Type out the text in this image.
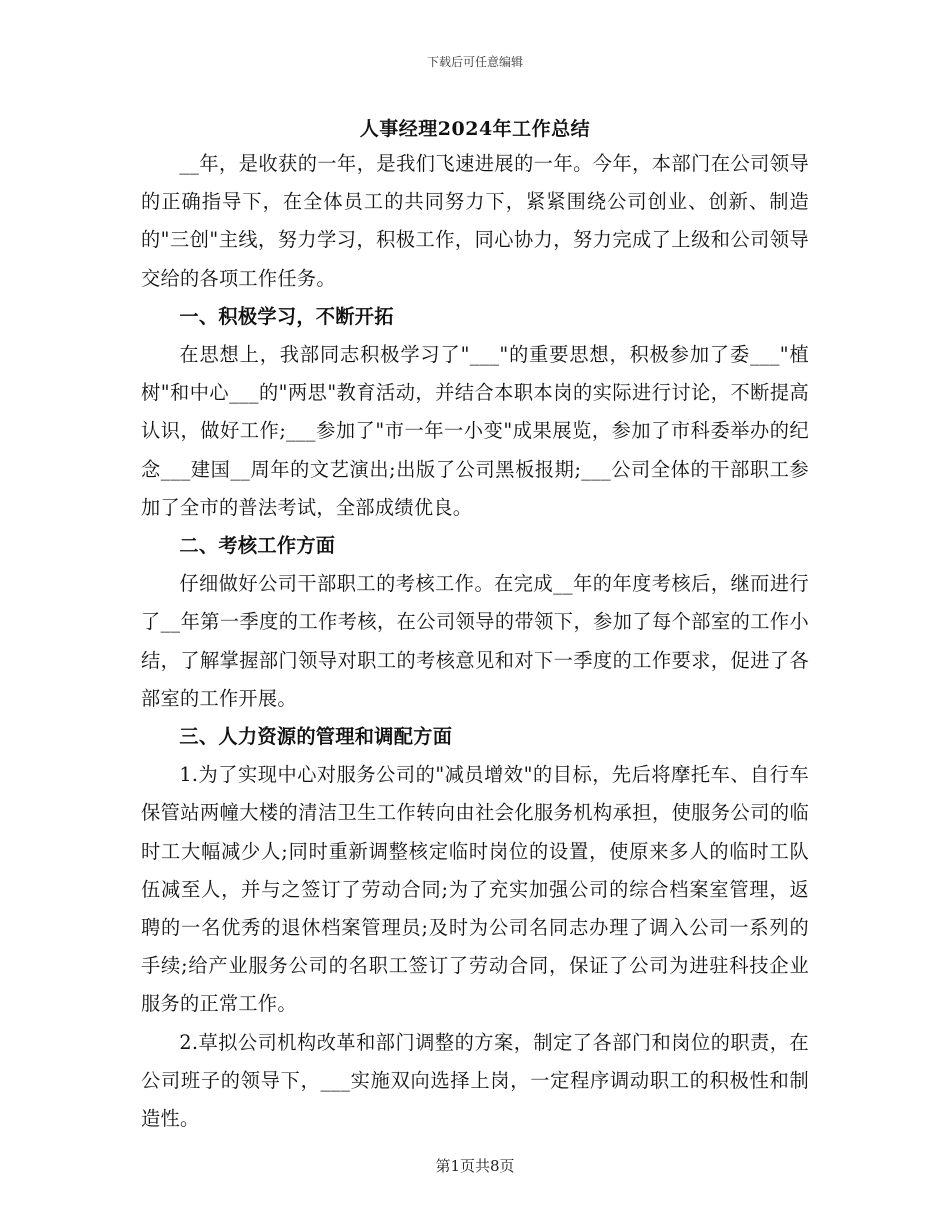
下载后可任意编辑
人事经理2024年工作总结

__年，是收获的一年，是我们飞速进展的一年。今年，本部门在公司领导的正确指导下，在全体员工的共同努力下，紧紧围绕公司创业、创新、制造的"三创"主线，努力学习，积极工作，同心协力，努力完成了上级和公司领导交给的各项工作任务。

一、积极学习，不断开拓

在思想上，我部同志积极学习了"___"的重要思想，积极参加了委___"植树"和中心___的"两思"教育活动，并结合本职本岗的实际进行讨论，不断提高认识，做好工作;___参加了"市一年一小变"成果展览，参加了市科委举办的纪念___建国__周年的文艺演出;出版了公司黑板报期;___公司全体的干部职工参加了全市的普法考试，全部成绩优良。

二、考核工作方面

仔细做好公司干部职工的考核工作。在完成__年的年度考核后，继而进行了__年第一季度的工作考核，在公司领导的带领下，参加了每个部室的工作小结，了解掌握部门领导对职工的考核意见和对下一季度的工作要求，促进了各部室的工作开展。

三、人力资源的管理和调配方面

1.为了实现中心对服务公司的"减员增效"的目标，先后将摩托车、自行车保管站两幢大楼的清洁卫生工作转向由社会化服务机构承担，使服务公司的临时工大幅减少人;同时重新调整核定临时岗位的设置，使原来多人的临时工队伍减至人，并与之签订了劳动合同;为了充实加强公司的综合档案室管理，返聘的一名优秀的退休档案管理员;及时为公司名同志办理了调入公司一系列的手续;给产业服务公司的名职工签订了劳动合同，保证了公司为进驻科技企业服务的正常工作。

2.草拟公司机构改革和部门调整的方案，制定了各部门和岗位的职责，在公司班子的领导下，___实施双向选择上岗，一定程序调动职工的积极性和制造性。

第1页共8页
